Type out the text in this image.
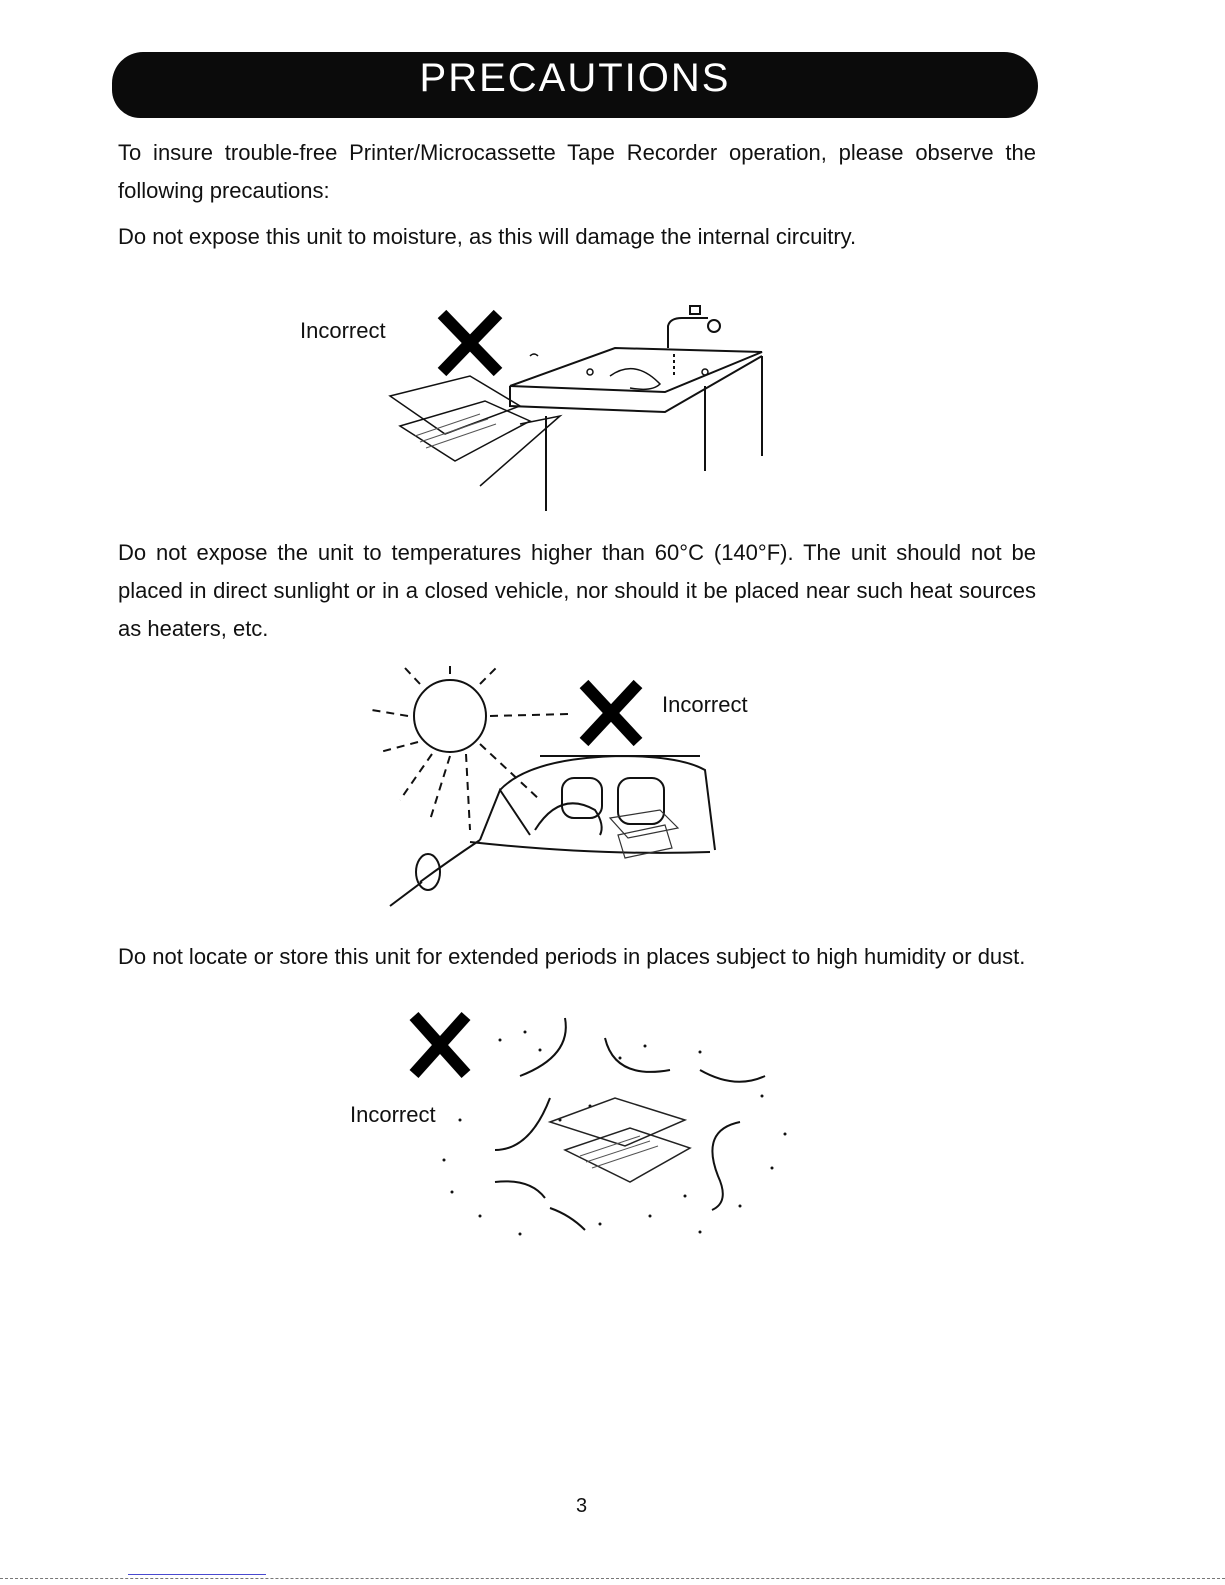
PRECAUTIONS

To insure trouble-free Printer/Microcassette Tape Recorder operation, please observe the following precautions:

Do not expose this unit to moisture, as this will damage the internal circuitry.

Incorrect

Do not expose the unit to temperatures higher than 60°C (140°F). The unit should not be placed in direct sunlight or in a closed vehicle, nor should it be placed near such heat sources as heaters, etc.

Incorrect

Do not locate or store this unit for extended periods in places subject to high humidity or dust.

Incorrect
3
